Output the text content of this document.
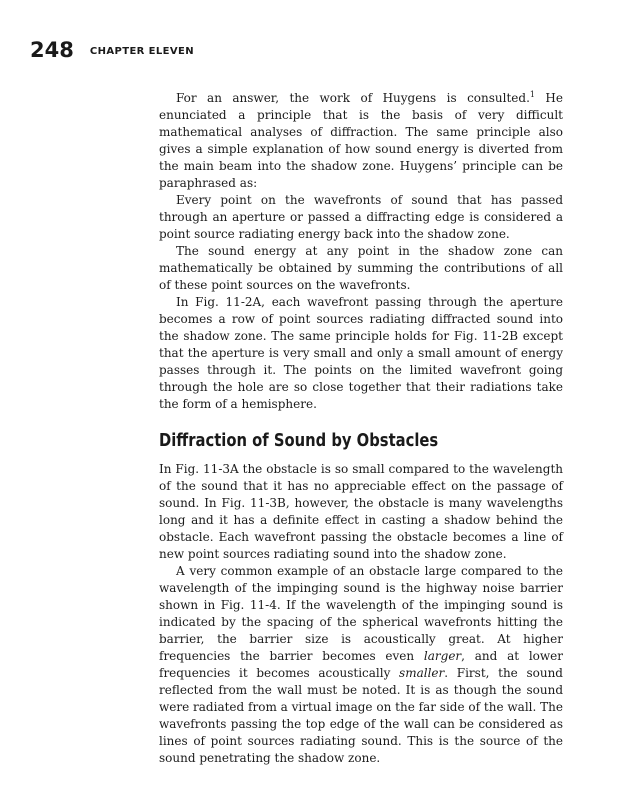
248 CHAPTER ELEVEN

For an answer, the work of Huygens is consulted.$^1$ He enunciated a principle that is the basis of very difficult mathematical analyses of diffraction. The same principle also gives a simple explanation of how sound energy is diverted from the main beam into the shadow zone. Huygens’ principle can be paraphrased as:

Every point on the wavefronts of sound that has passed through an aperture or passed a diffracting edge is considered a point source radiating energy back into the shadow zone.

The sound energy at any point in the shadow zone can mathematically be obtained by summing the contributions of all of these point sources on the wavefronts.

In Fig. 11-2A, each wavefront passing through the aperture becomes a row of point sources radiating diffracted sound into the shadow zone. The same principle holds for Fig. 11-2B except that the aperture is very small and only a small amount of energy passes through it. The points on the limited wavefront going through the hole are so close together that their radiations take the form of a hemisphere.

Diffraction of Sound by Obstacles

In Fig. 11-3A the obstacle is so small compared to the wavelength of the sound that it has no appreciable effect on the passage of sound. In Fig. 11-3B, however, the obstacle is many wavelengths long and it has a definite effect in casting a shadow behind the obstacle. Each wavefront passing the obstacle becomes a line of new point sources radiating sound into the shadow zone.

A very common example of an obstacle large compared to the wavelength of the impinging sound is the highway noise barrier shown in Fig. 11-4. If the wavelength of the impinging sound is indicated by the spacing of the spherical wavefronts hitting the barrier, the barrier size is acoustically great. At higher frequencies the barrier becomes even larger, and at lower frequencies it becomes acoustically smaller. First, the sound reflected from the wall must be noted. It is as though the sound were radiated from a virtual image on the far side of the wall. The wavefronts passing the top edge of the wall can be considered as lines of point sources radiating sound. This is the source of the sound penetrating the shadow zone.
